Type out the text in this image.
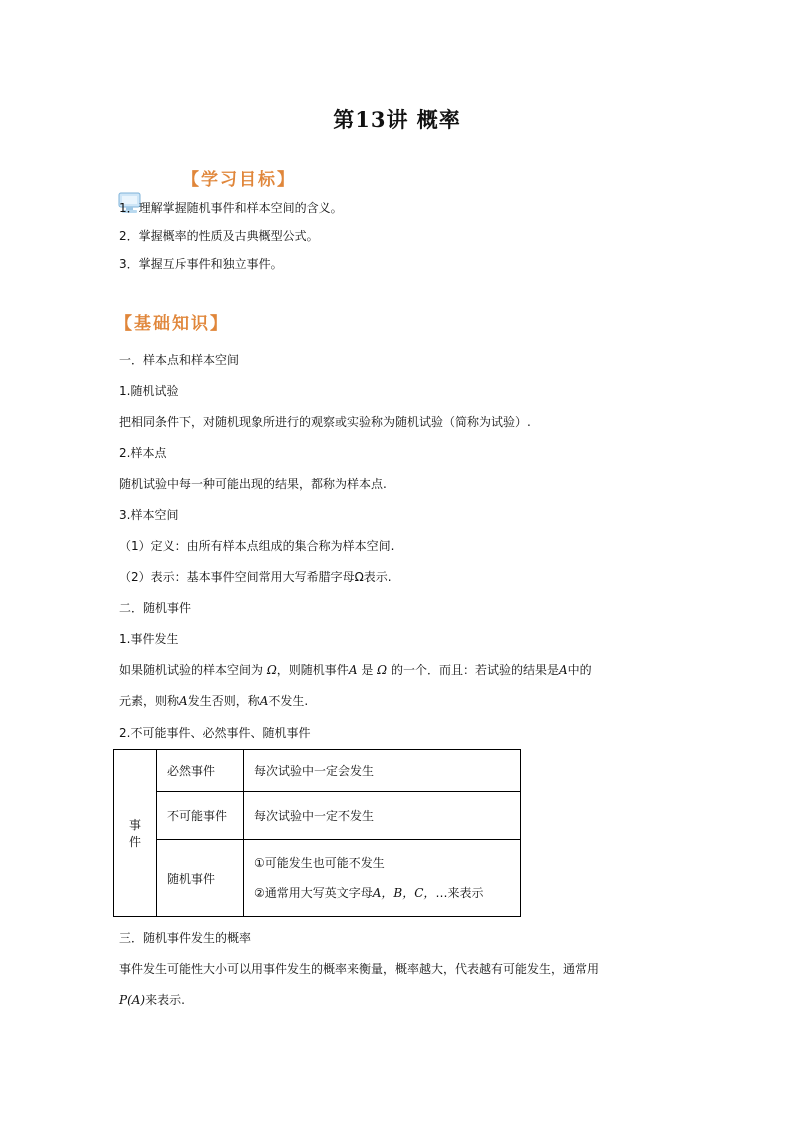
第13讲 概率
【学习目标】
1．理解掌握随机事件和样本空间的含义。
2．掌握概率的性质及古典概型公式。
3．掌握互斥事件和独立事件。
【基础知识】
一．样本点和样本空间
1.随机试验
把相同条件下，对随机现象所进行的观察或实验称为随机试验（简称为试验）.
2.样本点
随机试验中每一种可能出现的结果，都称为样本点.
3.样本空间
（1）定义：由所有样本点组成的集合称为样本空间.
（2）表示：基本事件空间常用大写希腊字母Ω表示.
二．随机事件
1.事件发生
如果随机试验的样本空间为 Ω，则随机事件A 是 Ω 的一个．而且：若试验的结果是A中的
元素，则称A发生否则，称A不发生.
2.不可能事件、必然事件、随机事件
事件	必然事件	每次试验中一定会发生
	不可能事件	每次试验中一定不发生
	随机事件	①可能发生也可能不发生

②通常用大写英文字母A，B，C，…来表示

三．随机事件发生的概率
事件发生可能性大小可以用事件发生的概率来衡量，概率越大，代表越有可能发生，通常用
P(A)来表示.
